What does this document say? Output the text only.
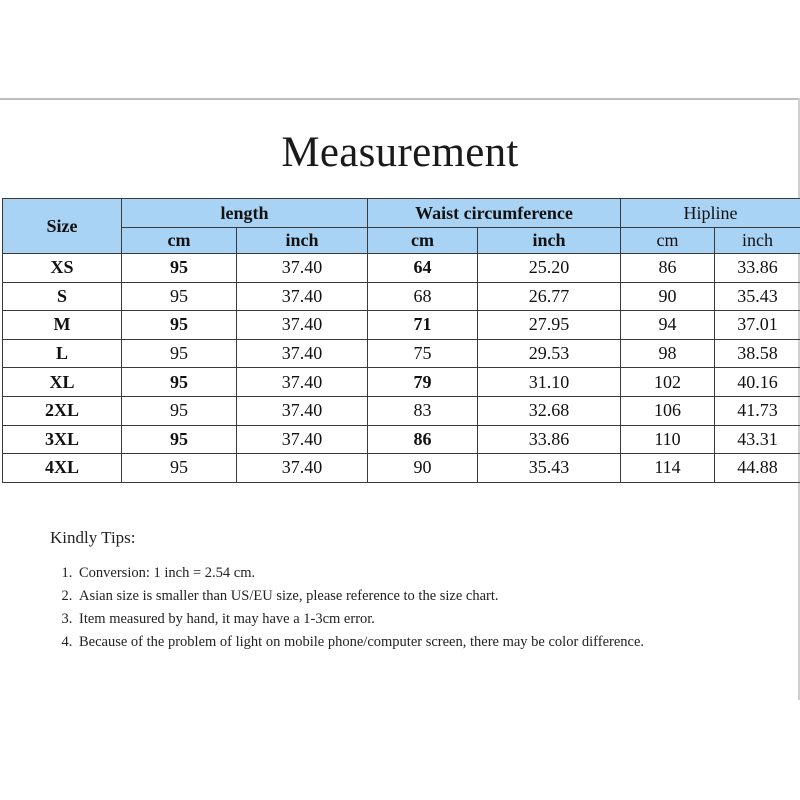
Measurement
Size	length		Waist circumference		Hipline	
	cm	inch	cm	inch	cm	inch
XS	95	37.40	64	25.20	86	33.86
S	95	37.40	68	26.77	90	35.43
M	95	37.40	71	27.95	94	37.01
L	95	37.40	75	29.53	98	38.58
XL	95	37.40	79	31.10	102	40.16
2XL	95	37.40	83	32.68	106	41.73
3XL	95	37.40	86	33.86	110	43.31
4XL	95	37.40	90	35.43	114	44.88

Kindly Tips:

1. Conversion: 1 inch = 2.54 cm.
2. Asian size is smaller than US/EU size, please reference to the size chart.
3. Item measured by hand, it may have a 1-3cm error.
4. Because of the problem of light on mobile phone/computer screen, there may be color difference.
